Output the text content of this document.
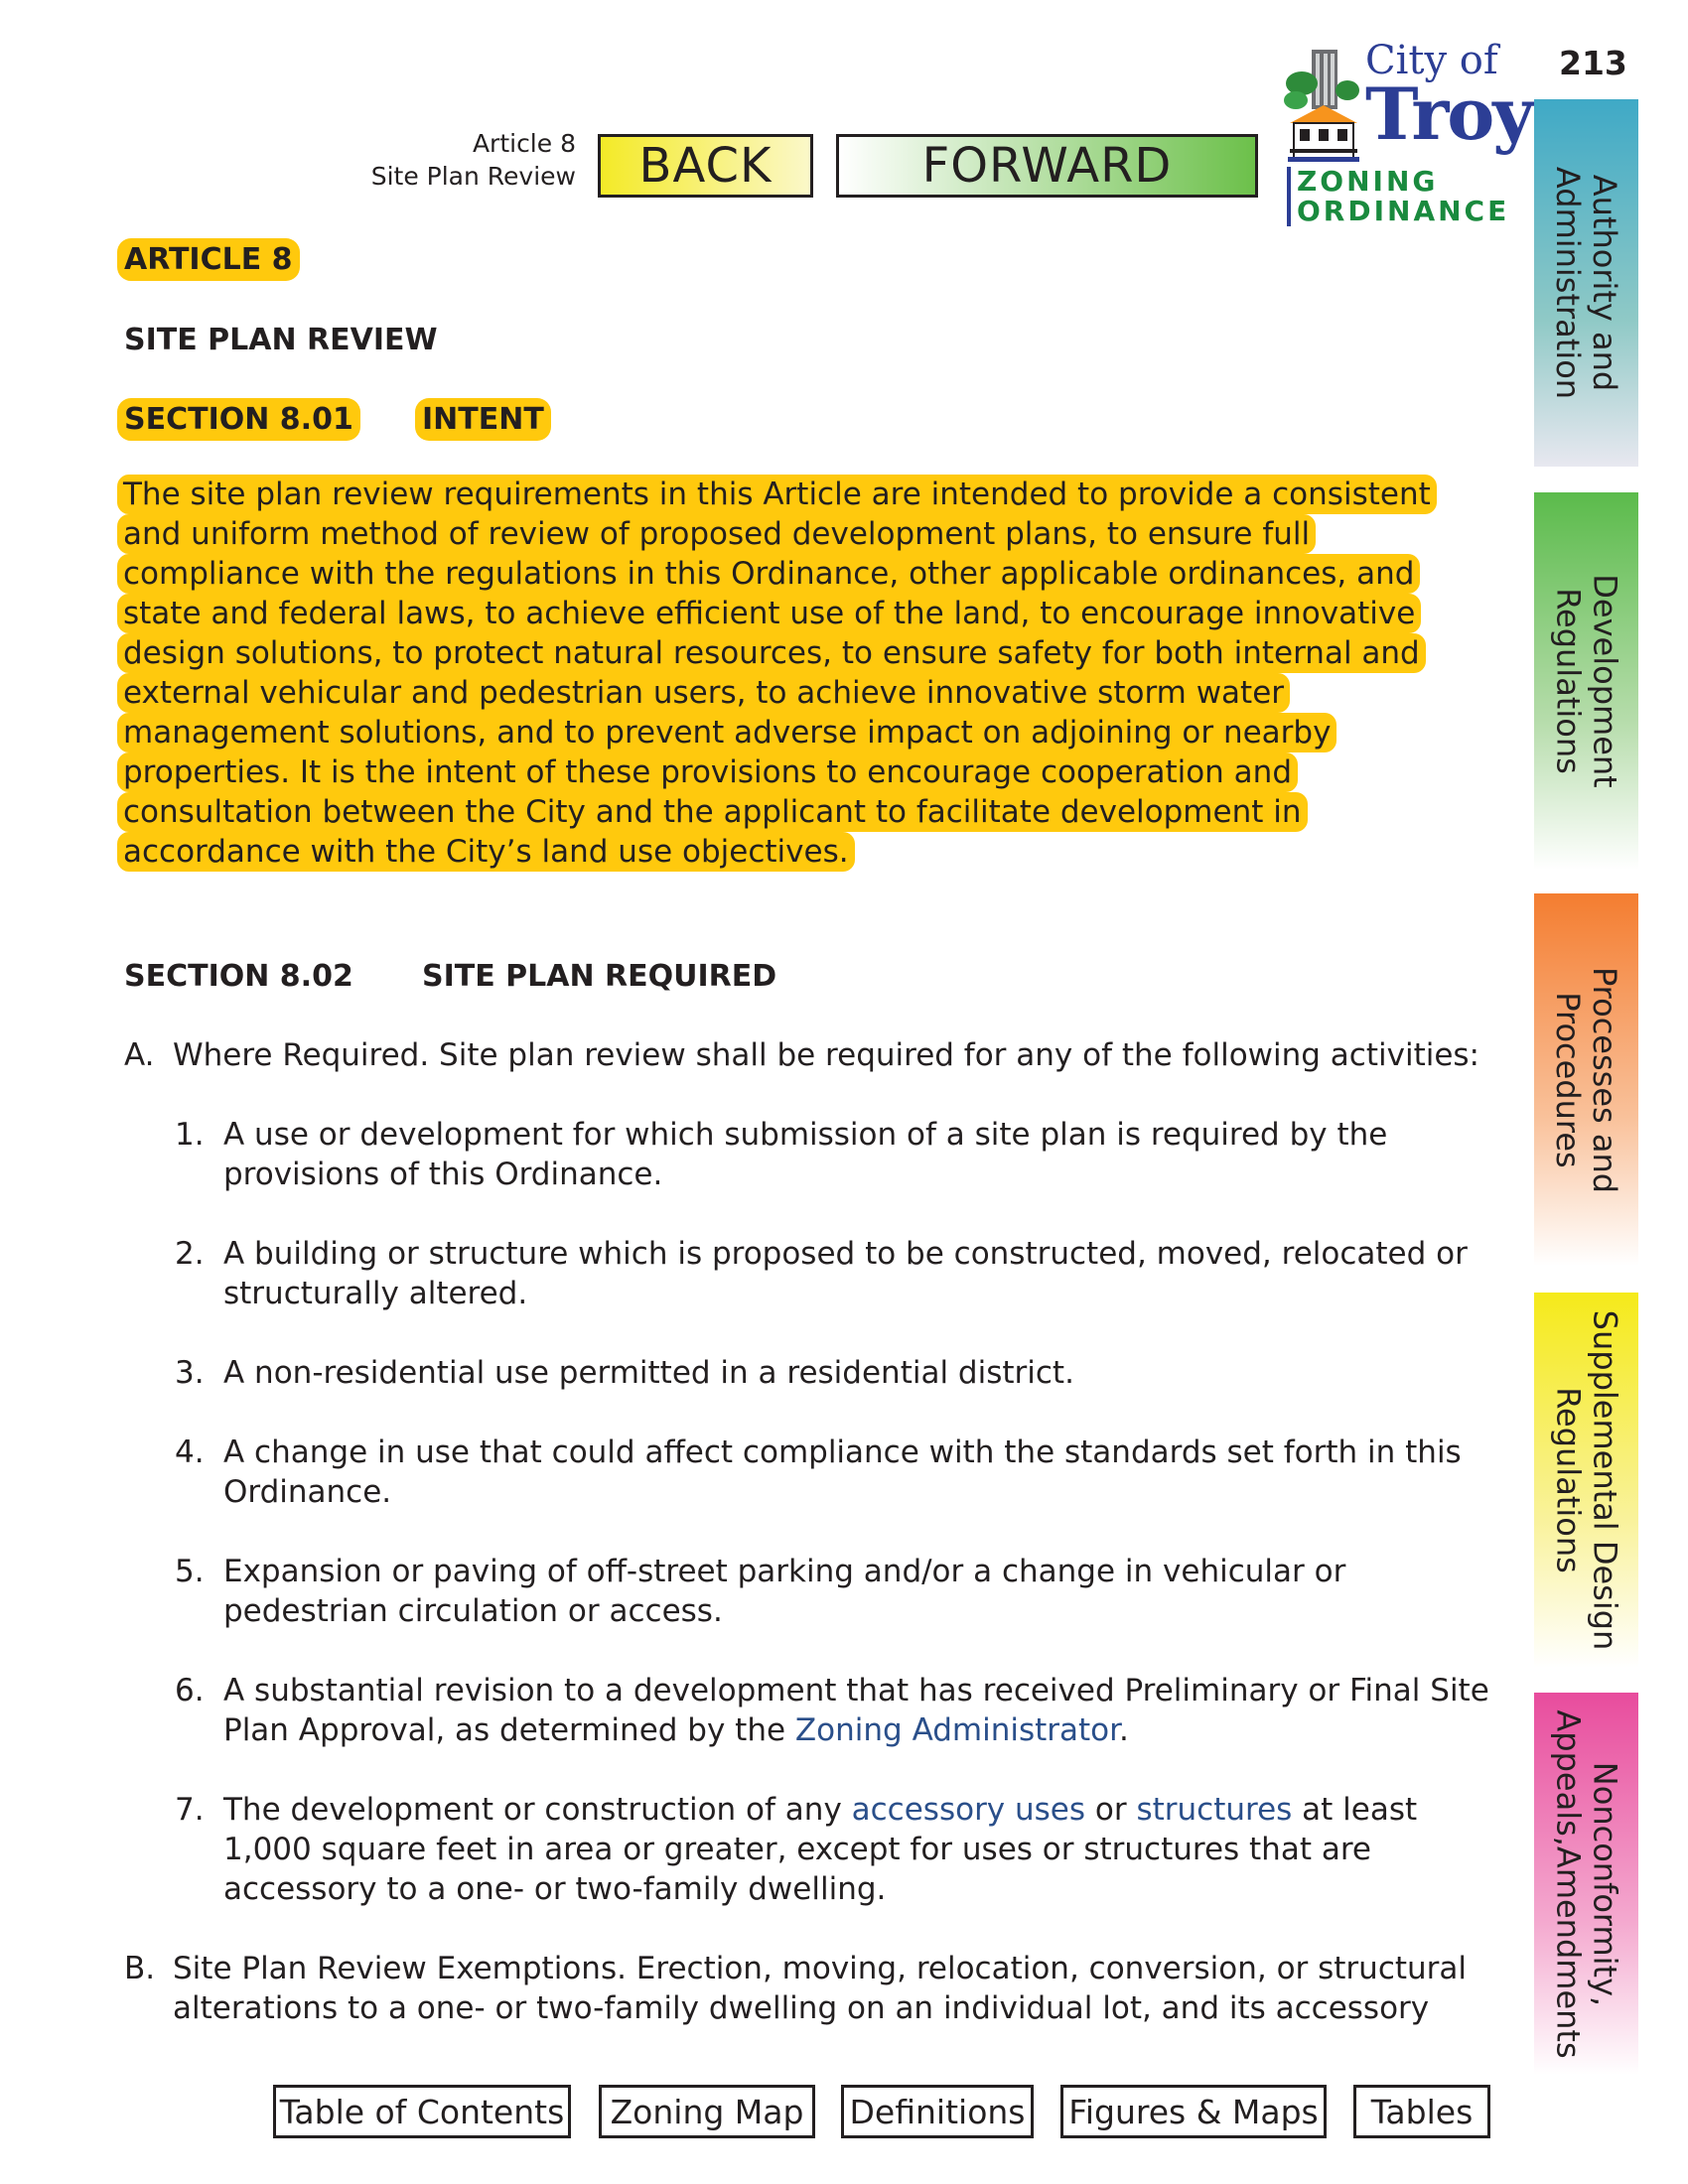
213
Article 8
Site Plan Review	BACK	FORWARD
City of
Troy
ZONING
ORDINANCE	Authority and
Administration
Development
Regulations
Processes and
Procedures
Supplemental Design
Regulations
Nonconformity,
Appeals,Amendments
ARTICLE 8
SITE PLAN REVIEW
SECTION 8.01 INTENT
The site plan review requirements in this Article are intended to provide a consistent and uniform method of review of proposed development plans, to ensure full compliance with the regulations in this Ordinance, other applicable ordinances, and state and federal laws, to achieve efficient use of the land, to encourage innovative design solutions, to protect natural resources, to ensure safety for both internal and external vehicular and pedestrian users, to achieve innovative storm water management solutions, and to prevent adverse impact on adjoining or nearby properties. It is the intent of these provisions to encourage cooperation and consultation between the City and the applicant to facilitate development in accordance with the City’s land use objectives.
SECTION 8.02 SITE PLAN REQUIRED
A. Where Required. Site plan review shall be required for any of the following activities:
1. A use or development for which submission of a site plan is required by the provisions of this Ordinance.
2. A building or structure which is proposed to be constructed, moved, relocated or structurally altered.
3. A non-residential use permitted in a residential district.
4. A change in use that could affect compliance with the standards set forth in this Ordinance.
5. Expansion or paving of off-street parking and/or a change in vehicular or pedestrian circulation or access.
6. A substantial revision to a development that has received Preliminary or Final Site Plan Approval, as determined by the Zoning Administrator.
7. The development or construction of any accessory uses or structures at least 1,000 square feet in area or greater, except for uses or structures that are accessory to a one- or two-family dwelling.
B. Site Plan Review Exemptions. Erection, moving, relocation, conversion, or structural alterations to a one- or two-family dwelling on an individual lot, and its accessory
Table of Contents	Zoning Map	Definitions Figures & Maps	Tables
